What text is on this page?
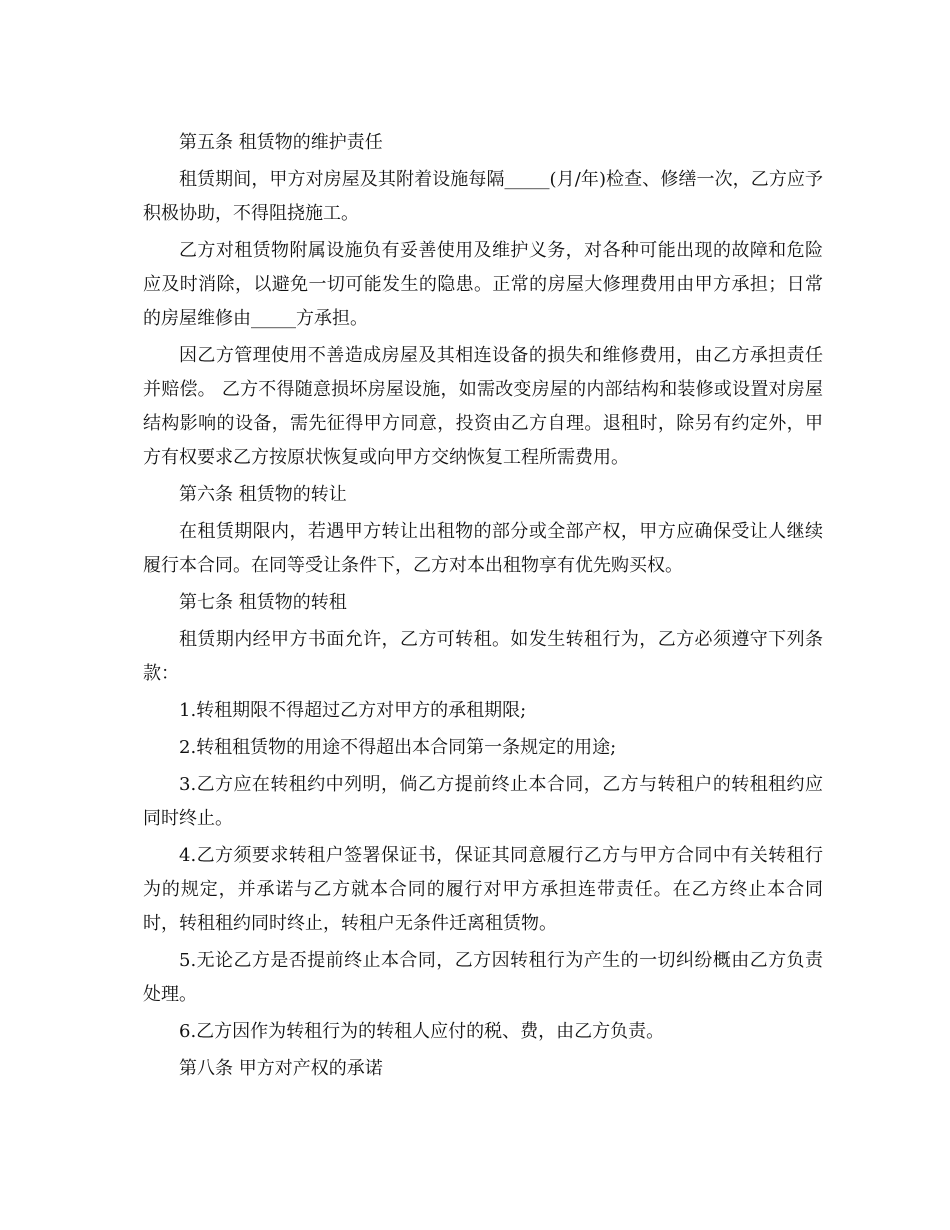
第五条 租赁物的维护责任

租赁期间，甲方对房屋及其附着设施每隔_____(月/年)检查、修缮一次，乙方应予积极协助，不得阻挠施工。

乙方对租赁物附属设施负有妥善使用及维护义务，对各种可能出现的故障和危险应及时消除，以避免一切可能发生的隐患。正常的房屋大修理费用由甲方承担；日常的房屋维修由_____方承担。

因乙方管理使用不善造成房屋及其相连设备的损失和维修费用，由乙方承担责任并赔偿。 乙方不得随意损坏房屋设施，如需改变房屋的内部结构和装修或设置对房屋结构影响的设备，需先征得甲方同意，投资由乙方自理。退租时，除另有约定外，甲方有权要求乙方按原状恢复或向甲方交纳恢复工程所需费用。

第六条 租赁物的转让

在租赁期限内，若遇甲方转让出租物的部分或全部产权，甲方应确保受让人继续履行本合同。在同等受让条件下，乙方对本出租物享有优先购买权。

第七条 租赁物的转租

租赁期内经甲方书面允许，乙方可转租。如发生转租行为，乙方必须遵守下列条款：

1.转租期限不得超过乙方对甲方的承租期限;

2.转租租赁物的用途不得超出本合同第一条规定的用途;

3.乙方应在转租约中列明，倘乙方提前终止本合同，乙方与转租户的转租租约应同时终止。

4.乙方须要求转租户签署保证书，保证其同意履行乙方与甲方合同中有关转租行为的规定，并承诺与乙方就本合同的履行对甲方承担连带责任。在乙方终止本合同时，转租租约同时终止，转租户无条件迁离租赁物。

5.无论乙方是否提前终止本合同，乙方因转租行为产生的一切纠纷概由乙方负责处理。

6.乙方因作为转租行为的转租人应付的税、费，由乙方负责。

第八条 甲方对产权的承诺
